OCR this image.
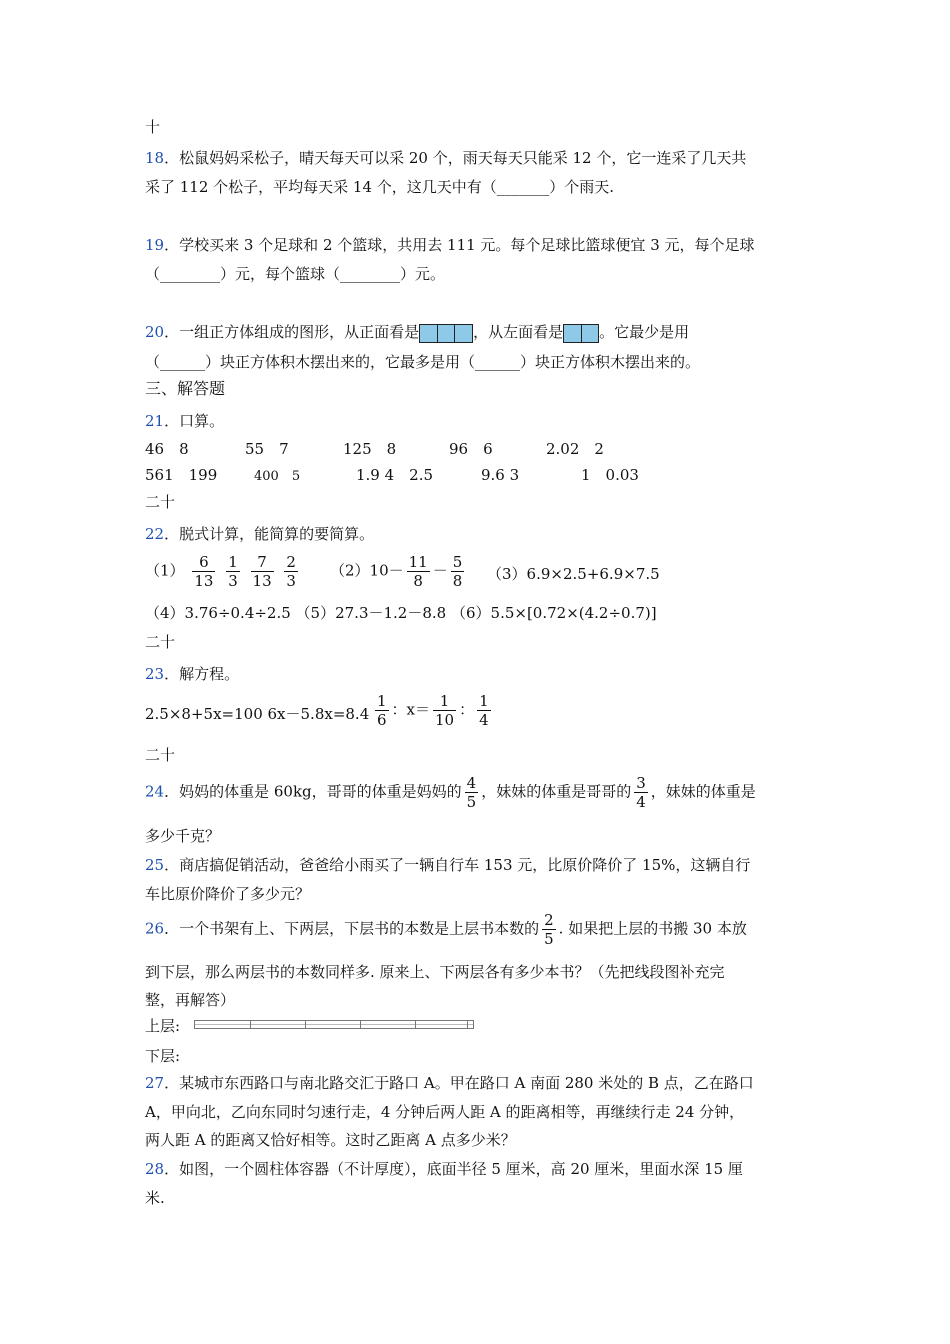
十
18．松鼠妈妈采松子，晴天每天可以采 20 个，雨天每天只能采 12 个，它一连采了几天共
采了 112 个松子，平均每天采 14 个，这几天中有（_______）个雨天.
19．学校买来 3 个足球和 2 个篮球，共用去 111 元。每个足球比篮球便宜 3 元，每个足球
（________）元，每个篮球（________）元。
20．一组正方体组成的图形，从正面看是	，从左面看是 。它最少是用
（______）块正方体积木摆出来的，它最多是用（______）块正方体积木摆出来的。
三、解答题
21．口算。
46　8	55　7	125　8	96　6	2.02　2
561　199	400　5	1.9 4　2.5	9.6 3	1　0.03
二十
22．脱式计算，能简算的要简算。
$(1) \frac{6}{13}$
$\frac{1}{3}$
$\frac{7}{13}$
$\frac{2}{3} (2)10- \frac{11}{8} - \frac{5}{8} (3)6.9\times 2.5+6.9\times 7.5$
（4）3.76÷0.4÷2.5 （5）27.3－1.2－8.8 （6）5.5×[0.72×(4.2÷0.7)]
二十
23．解方程。
2.5×8+5x=100 $6x-5.8x=8.4 \frac{1}{6}$ ：$x= \frac{1}{10}$ ： $\frac{1}{4}$
二十
24．妈妈的体重是 60kg，哥哥的体重是妈妈的 $\frac{4}{5}$ ，妹妹的体重是哥哥的 $\frac{3}{4}$ ，妹妹的体重是
多少千克？
25．商店搞促销活动，爸爸给小雨买了一辆自行车 153 元，比原价降价了 15%，这辆自行
车比原价降价了多少元？
26．一个书架有上、下两层，下层书的本数是上层书本数的 $\frac{2}{5}$ . 如果把上层的书搬 30 本放
到下层，那么两层书的本数同样多. 原来上、下两层各有多少本书？（先把线段图补充完
整，再解答）
上层:
下层:
27．某城市东西路口与南北路交汇于路口 A。甲在路口 A 南面 280 米处的 B 点，乙在路口
A，甲向北，乙向东同时匀速行走，4 分钟后两人距 A 的距离相等，再继续行走 24 分钟，
两人距 A 的距离又恰好相等。这时乙距离 A 点多少米？
28．如图，一个圆柱体容器（不计厚度），底面半径 5 厘米，高 20 厘米，里面水深 15 厘
米.
